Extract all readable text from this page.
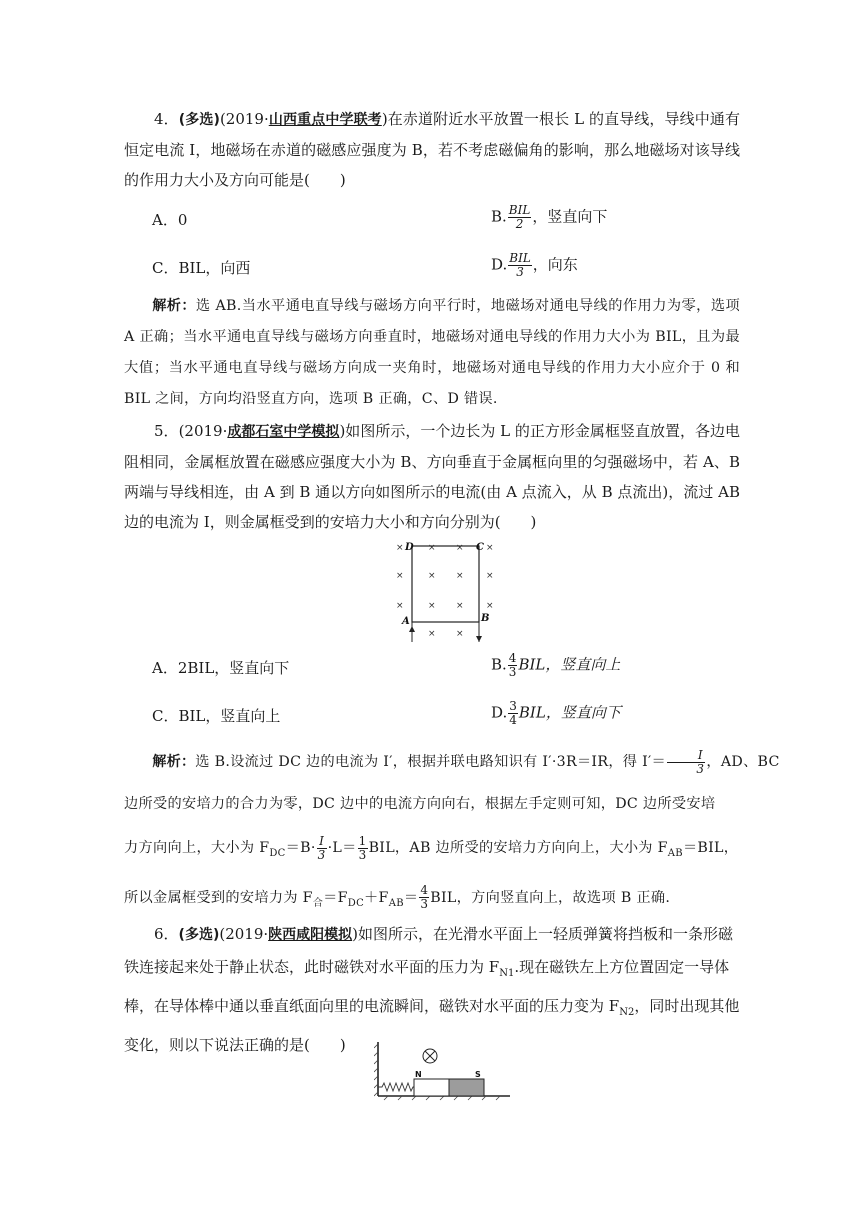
4．(多选)(2019·山西重点中学联考)在赤道附近水平放置一根长 L 的直导线，导线中通有恒定电流 I，地磁场在赤道的磁感应强度为 B，若不考虑磁偏角的影响，那么地磁场对该导线的作用力大小及方向可能是(　　)

A．0	B. $\frac{\text{BIL}}{2}$ ，竖直向下
C．BIL，向西	D. $\frac{\text{BIL}}{3}$ ，向东

解析：选 AB.当水平通电直导线与磁场方向平行时，地磁场对通电导线的作用力为零，选项 A 正确；当水平通电直导线与磁场方向垂直时，地磁场对通电导线的作用力大小为 BIL，且为最大值；当水平通电直导线与磁场方向成一夹角时，地磁场对通电导线的作用力大小应介于 0 和 BIL 之间，方向均沿竖直方向，选项 B 正确，C、D 错误.

5．(2019·成都石室中学模拟)如图所示，一个边长为 L 的正方形金属框竖直放置，各边电阻相同，金属框放置在磁感应强度大小为 B、方向垂直于金属框向里的匀强磁场中，若 A、B 两端与导线相连，由 A 到 B 通以方向如图所示的电流(由 A 点流入，从 B 点流出)，流过 AB 边的电流为 I，则金属框受到的安培力大小和方向分别为(　　)

×	× × ×
×	× × ×
×	× × ×
× ×
D	C
A	B
A．2BIL，竖直向下	B. $\frac{4}{3}$ BIL，竖直向上
C．BIL，竖直向上	D. $\frac{3}{4}$ BIL，竖直向下
解析：选 B.设流过 DC 边的电流为 I′，根据并联电路知识有 I′·3R＝IR，得 $I'= \frac{I}{3}$ ，AD、BC
边所受的安培力的合力为零，DC 边中的电流方向向右，根据左手定则可知，DC 边所受安培
力方向向上，大小为 $F_{DC}=B\cdot \frac{I}{3} \cdot L= \frac{1}{3}$ BIL，AB 边所受的安培力方向向上，大小为 $F_{AB}=BIL$，
所以金属框受到的安培力为 $F_合=F_{DC}+F_{AB}= \frac{4}{3}$ BIL，方向竖直向上，故选项 B 正确.
6．(多选)(2019·陕西咸阳模拟)如图所示，在光滑水平面上一轻质弹簧将挡板和一条形磁
铁连接起来处于静止状态，此时磁铁对水平面的压力为 $F_{N1}$.现在磁铁左上方位置固定一导体
棒，在导体棒中通以垂直纸面向里的电流瞬间，磁铁对水平面的压力变为 $F_{N2}$，同时出现其他
变化，则以下说法正确的是(　　)
N	S
